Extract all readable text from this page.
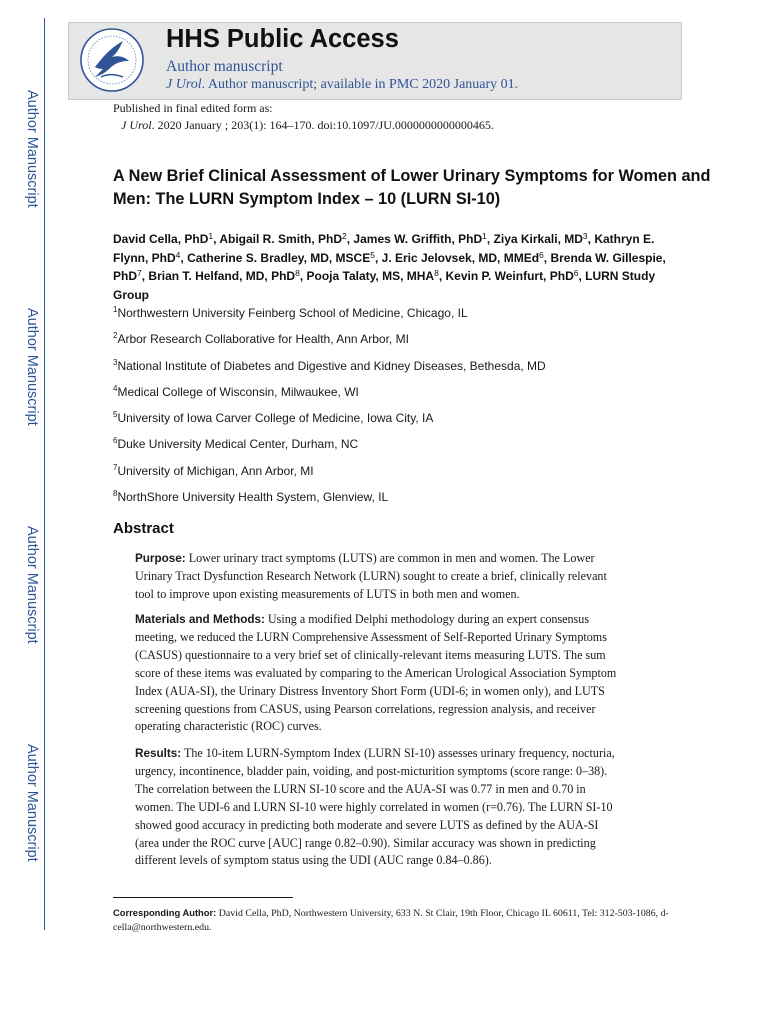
Author Manuscript
Author Manuscript
Author Manuscript
Author Manuscript
HHS Public Access
Author manuscript
J Urol. Author manuscript; available in PMC 2020 January 01.
Published in final edited form as:
J Urol. 2020 January ; 203(1): 164–170. doi:10.1097/JU.0000000000000465.
A New Brief Clinical Assessment of Lower Urinary Symptoms for Women and Men: The LURN Symptom Index – 10 (LURN SI-10)
David Cella, PhD$^1$, Abigail R. Smith, PhD$^2$, James W. Griffith, PhD$^1$, Ziya Kirkali, $MD^3$, Kathryn E. Flynn, PhD$^4$, Catherine S. Bradley, MD, MSCE$^5$, J. Eric Jelovsek, MD, MMEd$^6$, Brenda W. Gillespie, PhD$^7$, Brian T. Helfand, MD, PhD$^8$, Pooja Talaty, MS, MHA$^8$, Kevin P. Weinfurt, PhD$^6$, LURN Study Group
$^1$Northwestern University Feinberg School of Medicine, Chicago, IL
$^2$Arbor Research Collaborative for Health, Ann Arbor, MI
$^3$National Institute of Diabetes and Digestive and Kidney Diseases, Bethesda, MD
$^4$Medical College of Wisconsin, Milwaukee, WI
$^5$University of Iowa Carver College of Medicine, Iowa City, IA
$^6$Duke University Medical Center, Durham, NC
$^7$University of Michigan, Ann Arbor, MI
$^8$NorthShore University Health System, Glenview, IL
Abstract
Purpose: Lower urinary tract symptoms (LUTS) are common in men and women. The Lower Urinary Tract Dysfunction Research Network (LURN) sought to create a brief, clinically relevant tool to improve upon existing measurements of LUTS in both men and women.
Materials and Methods: Using a modified Delphi methodology during an expert consensus meeting, we reduced the LURN Comprehensive Assessment of Self-Reported Urinary Symptoms (CASUS) questionnaire to a very brief set of clinically-relevant items measuring LUTS. The sum score of these items was evaluated by comparing to the American Urological Association Symptom Index (AUA-SI), the Urinary Distress Inventory Short Form (UDI-6; in women only), and LUTS screening questions from CASUS, using Pearson correlations, regression analysis, and receiver operating characteristic (ROC) curves.
Results: The 10-item LURN-Symptom Index (LURN SI-10) assesses urinary frequency, nocturia, urgency, incontinence, bladder pain, voiding, and post-micturition symptoms (score range: 0–38). The correlation between the LURN SI-10 score and the AUA-SI was 0.77 in men and 0.70 in women. The UDI-6 and LURN SI-10 were highly correlated in women (r=0.76). The LURN SI-10 showed good accuracy in predicting both moderate and severe LUTS as defined by the AUA-SI (area under the ROC curve [AUC] range 0.82–0.90). Similar accuracy was shown in predicting different levels of symptom status using the UDI (AUC range 0.84–0.86).
Corresponding Author: David Cella, PhD, Northwestern University, 633 N. St Clair, 19th Floor, Chicago IL 60611, Tel: 312-503-1086, d-cella@northwestern.edu.
